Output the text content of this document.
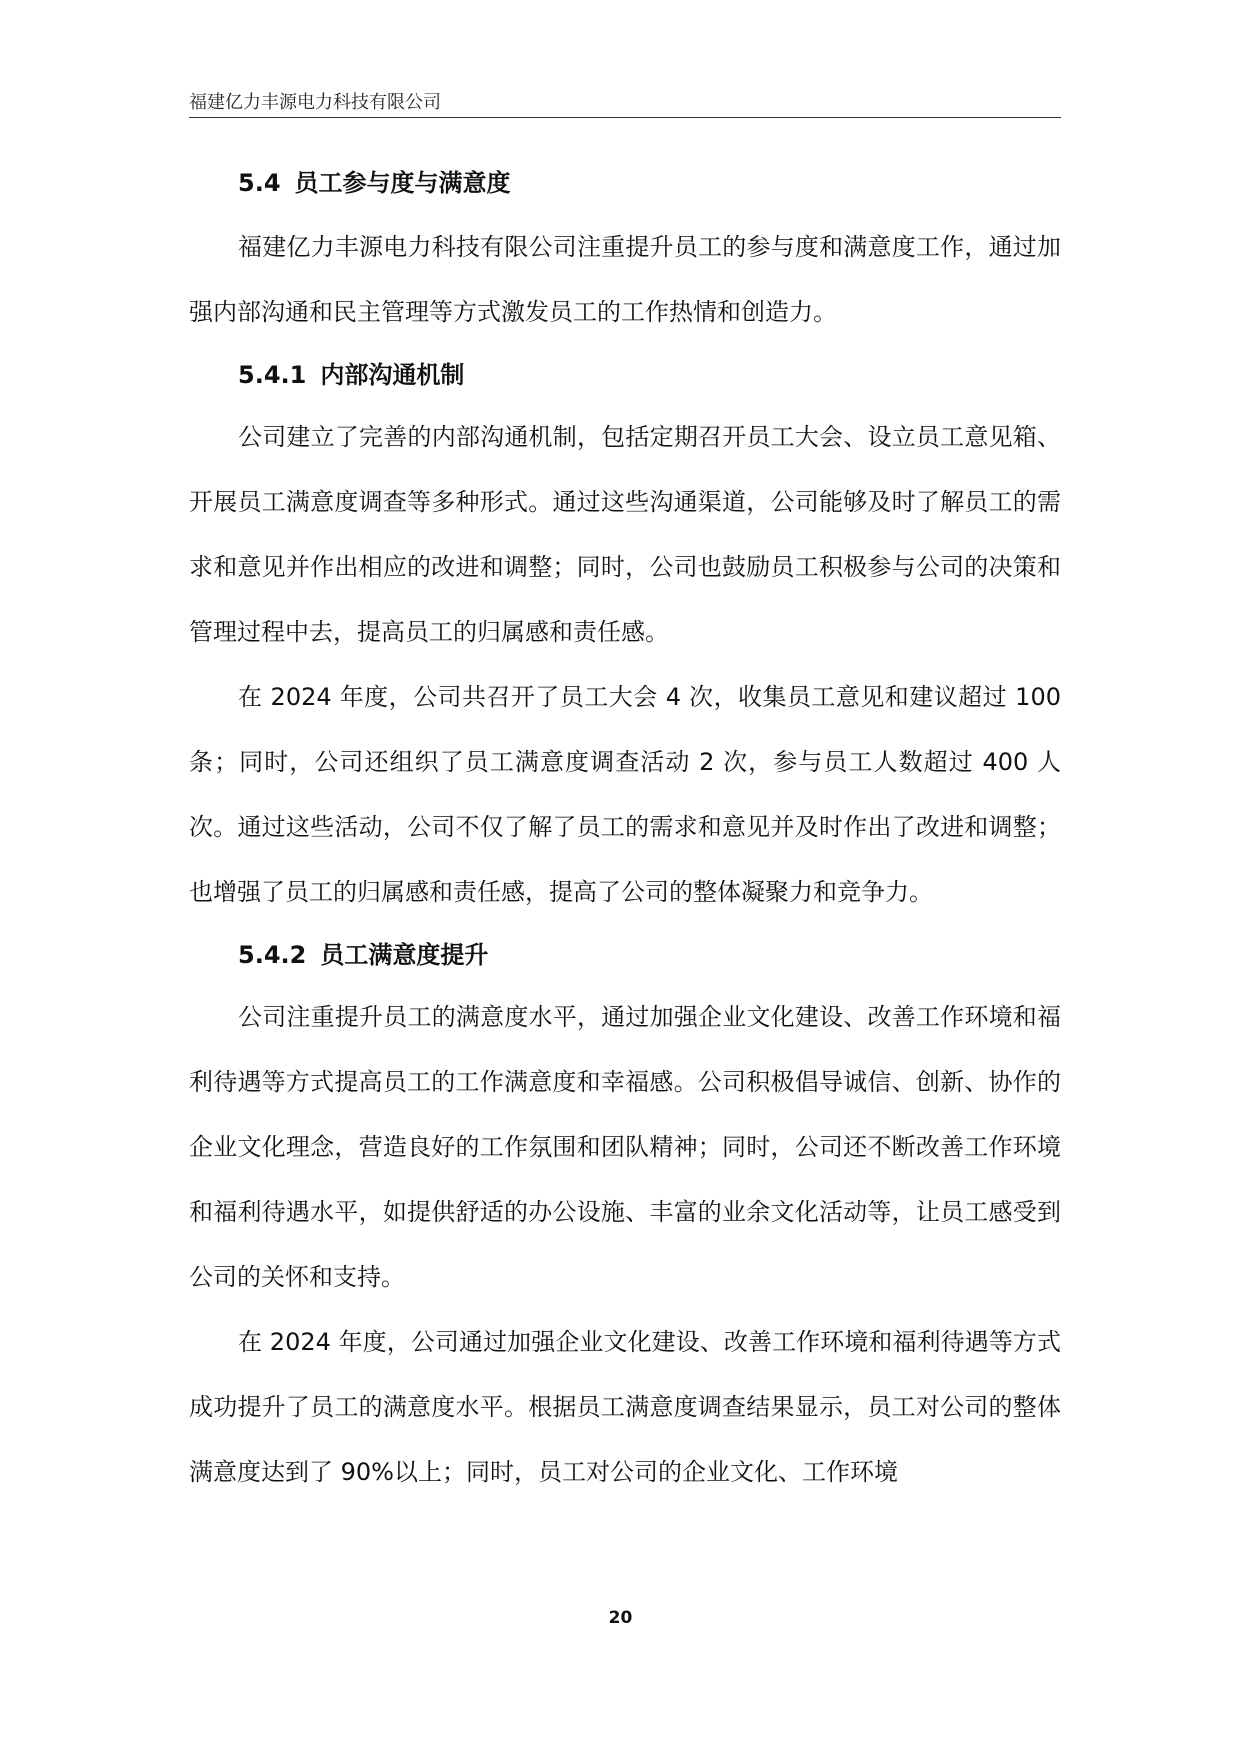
福建亿力丰源电力科技有限公司
5.4 员工参与度与满意度

福建亿力丰源电力科技有限公司注重提升员工的参与度和满意度工作，通过加强内部沟通和民主管理等方式激发员工的工作热情和创造力。

5.4.1 内部沟通机制

公司建立了完善的内部沟通机制，包括定期召开员工大会、设立员工意见箱、开展员工满意度调查等多种形式。通过这些沟通渠道，公司能够及时了解员工的需求和意见并作出相应的改进和调整；同时，公司也鼓励员工积极参与公司的决策和管理过程中去，提高员工的归属感和责任感。

在 2024 年度，公司共召开了员工大会 4 次，收集员工意见和建议超过 100 条；同时，公司还组织了员工满意度调查活动 2 次，参与员工人数超过 400 人次。通过这些活动，公司不仅了解了员工的需求和意见并及时作出了改进和调整；也增强了员工的归属感和责任感，提高了公司的整体凝聚力和竞争力。

5.4.2 员工满意度提升

公司注重提升员工的满意度水平，通过加强企业文化建设、改善工作环境和福利待遇等方式提高员工的工作满意度和幸福感。公司积极倡导诚信、创新、协作的企业文化理念，营造良好的工作氛围和团队精神；同时，公司还不断改善工作环境和福利待遇水平，如提供舒适的办公设施、丰富的业余文化活动等，让员工感受到公司的关怀和支持。

在 2024 年度，公司通过加强企业文化建设、改善工作环境和福利待遇等方式成功提升了员工的满意度水平。根据员工满意度调查结果显示，员工对公司的整体满意度达到了 90%以上；同时，员工对公司的企业文化、工作环境

20
